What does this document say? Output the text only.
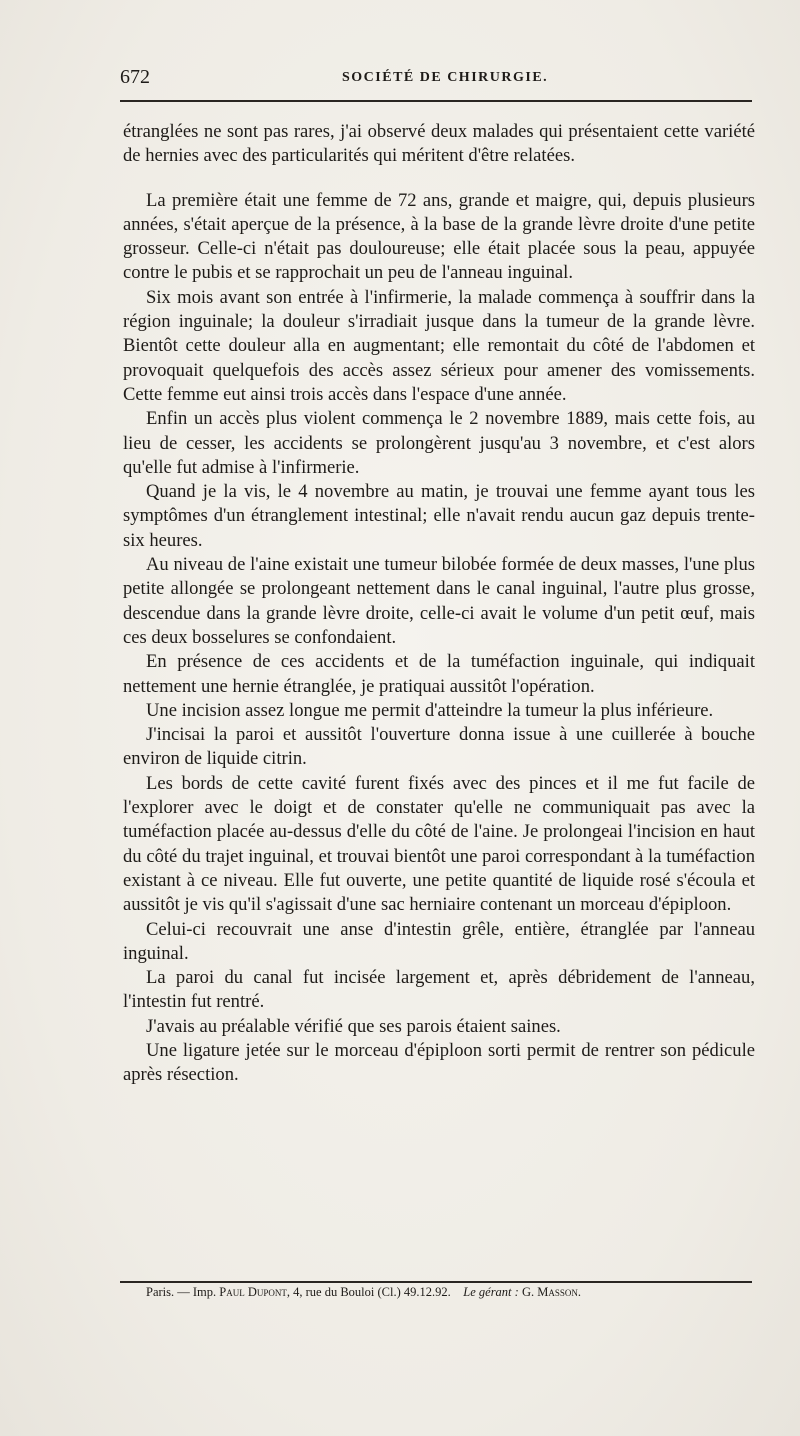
672	SOCIÉTÉ DE CHIRURGIE.

étranglées ne sont pas rares, j'ai observé deux malades qui présentaient cette variété de hernies avec des particularités qui méritent d'être relatées.

La première était une femme de 72 ans, grande et maigre, qui, depuis plusieurs années, s'était aperçue de la présence, à la base de la grande lèvre droite d'une petite grosseur. Celle-ci n'était pas douloureuse; elle était placée sous la peau, appuyée contre le pubis et se rapprochait un peu de l'anneau inguinal.

Six mois avant son entrée à l'infirmerie, la malade commença à souffrir dans la région inguinale; la douleur s'irradiait jusque dans la tumeur de la grande lèvre. Bientôt cette douleur alla en augmentant; elle remontait du côté de l'abdomen et provoquait quelquefois des accès assez sérieux pour amener des vomissements. Cette femme eut ainsi trois accès dans l'espace d'une année.

Enfin un accès plus violent commença le 2 novembre 1889, mais cette fois, au lieu de cesser, les accidents se prolongèrent jusqu'au 3 novembre, et c'est alors qu'elle fut admise à l'infirmerie.

Quand je la vis, le 4 novembre au matin, je trouvai une femme ayant tous les symptômes d'un étranglement intestinal; elle n'avait rendu aucun gaz depuis trente-six heures.

Au niveau de l'aine existait une tumeur bilobée formée de deux masses, l'une plus petite allongée se prolongeant nettement dans le canal inguinal, l'autre plus grosse, descendue dans la grande lèvre droite, celle-ci avait le volume d'un petit œuf, mais ces deux bosselures se confondaient.

En présence de ces accidents et de la tuméfaction inguinale, qui indiquait nettement une hernie étranglée, je pratiquai aussitôt l'opération.

Une incision assez longue me permit d'atteindre la tumeur la plus inférieure.

J'incisai la paroi et aussitôt l'ouverture donna issue à une cuillerée à bouche environ de liquide citrin.

Les bords de cette cavité furent fixés avec des pinces et il me fut facile de l'explorer avec le doigt et de constater qu'elle ne communiquait pas avec la tuméfaction placée au-dessus d'elle du côté de l'aine. Je prolongeai l'incision en haut du côté du trajet inguinal, et trouvai bientôt une paroi correspondant à la tuméfaction existant à ce niveau. Elle fut ouverte, une petite quantité de liquide rosé s'écoula et aussitôt je vis qu'il s'agissait d'une sac herniaire contenant un morceau d'épiploon.

Celui-ci recouvrait une anse d'intestin grêle, entière, étranglée par l'anneau inguinal.

La paroi du canal fut incisée largement et, après débridement de l'anneau, l'intestin fut rentré.

J'avais au préalable vérifié que ses parois étaient saines.

Une ligature jetée sur le morceau d'épiploon sorti permit de rentrer son pédicule après résection.

Paris. — Imp. Paul Dupont, 4, rue du Bouloi (Cl.) 49.12.92. Le gérant : G. Masson.
